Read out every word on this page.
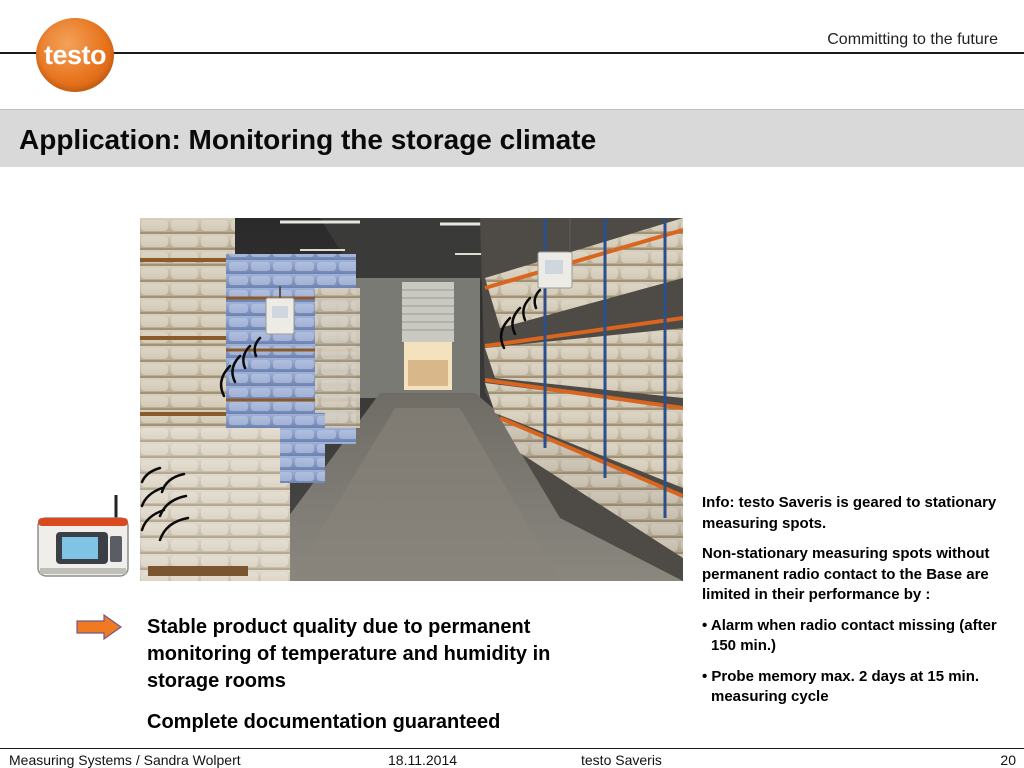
testo	Committing to the future
Application: Monitoring the storage climate

Stable product quality due to permanent monitoring of temperature and humidity in storage rooms

Complete documentation guaranteed

Info: testo Saveris is geared to stationary measuring spots.

Non-stationary measuring spots without permanent radio contact to the Base are limited in their performance by :

• Alarm when radio contact missing (after 150 min.)

• Probe memory max. 2 days at 15 min. measuring cycle

Measuring Systems / Sandra Wolpert	18.11.2014	testo Saveris	20
